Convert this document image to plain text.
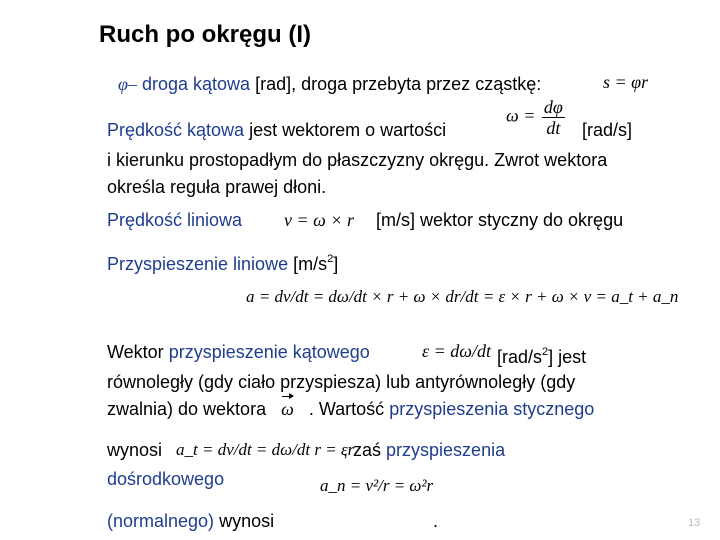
Ruch po okręgu (I)
φ– droga kątowa [rad], droga przebyta przez cząstkę:	s = φr
Prędkość kątowa jest wektorem o wartości
$\omega = \frac{d\varphi}{dt} [rad/s]$
i kierunku prostopadłym do płaszczyzny okręgu. Zwrot wektora
określa reguła prawej dłoni.
Prędkość liniowa v = ω × r [m/s] wektor styczny do okręgu
Przyspieszenie liniowe $[m/s^2]$
a = dv/dt = dω/dt × r + ω × dr/dt = ε × r + ω × v = a_t + a_n
Wektor przyspieszenie kątowego	ε = dω/dt $[rad/s^2]$ jest
równoległy (gdy ciało przyspiesza) lub antyrównoległy (gdy
zwalnia) do wektora ω . Wartość przyspieszenia stycznego
wynosi a_t = dv/dt = dω/dt r = εr
, zaś przyspieszenia
dośrodkowego	a_n = v²/r = ω²r
(normalnego) wynosi	.	13
